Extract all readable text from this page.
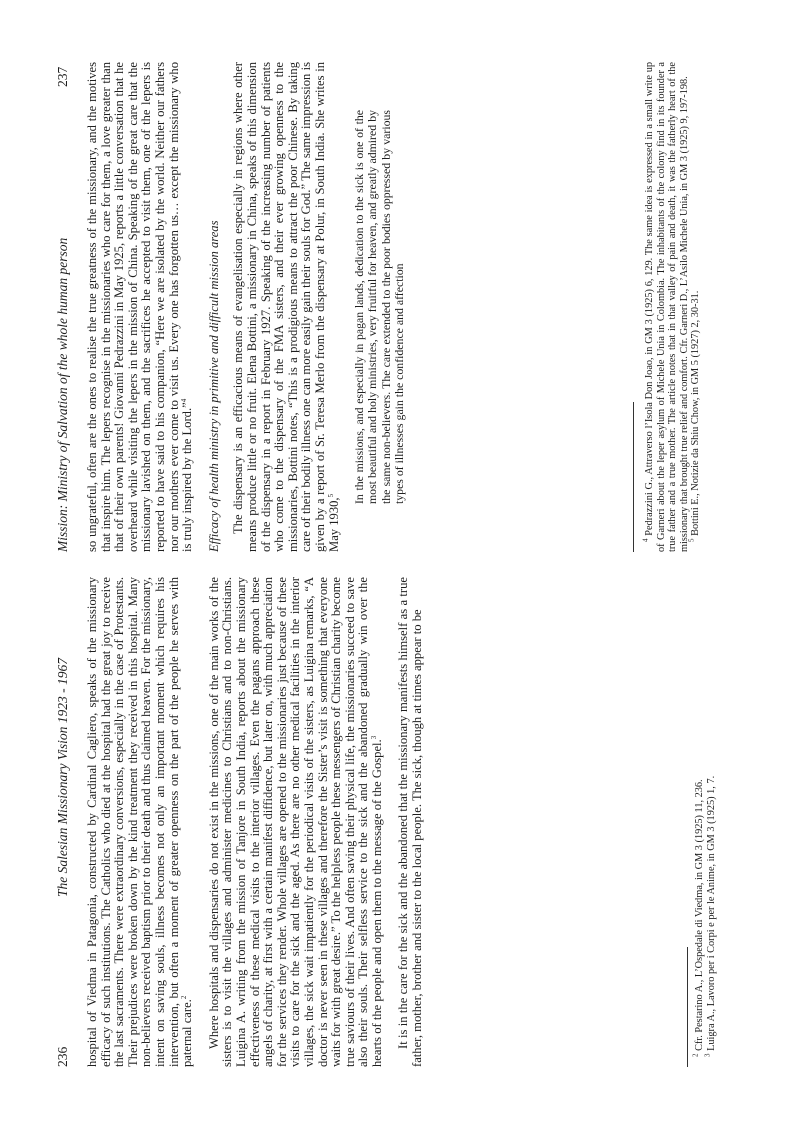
236
The Salesian Missionary Vision 1923 - 1967 hospital of Viedma in Patagonia, constructed by Cardinal Cagliero, speaks of the missionary efficacy of such institutions. The Catholics who died at the hospital had the great joy to receive the last sacraments. There were extraordinary conversions, especially in the case of Protestants. Their prejudices were broken down by the kind treatment they received in this hospital. Many non-believers received baptism prior to their death and thus claimed heaven. For the missionary, intent on saving souls, illness becomes not only an important moment which requires his intervention, but often a moment of greater openness on the part of the people he serves with paternal care.$^2$	Where hospitals and dispensaries do not exist in the missions, one of the main works of the sisters is to visit the villages and administer medicines to Christians and to non-Christians. Luigina A. writing from the mission of Tanjore in South India, reports about the missionary effectiveness of these medical visits to the interior villages. Even the pagans approach these angels of charity, at first with a certain manifest diffidence, but later on, with much appreciation for the services they render. Whole villages are opened to the missionaries just because of these visits to care for the sick and the aged. As there are no other medical facilities in the interior villages, the sick wait impatiently for the periodical visits of the sisters, as Luigina remarks, “A doctor is never seen in these villages and therefore the Sister’s visit is something that everyone waits for with great desire.” To the helpless people these messengers of Christian charity become true saviours of their lives. And often saving their physical life, the missionaries succeed to save also their souls. Their selfless service to the sick and the abandoned gradually win over the hearts of the people and open them to the message of the Gospel.$^3$	It is in the care for the sick and the abandoned that the missionary manifests himself as a true father, mother, brother and sister to the local people. The sick, though at times appear to be	$^2$ Cfr. Pestarino A., L’Ospedale di Viedma, in GM 3 (1925) 11, 236.
$^3$ Luigra A., Lavoro per i Corpi e per le Anime, in GM 3 (1925) 1, 7.
Mission: Ministry of Salvation of the whole human person
237 so ungrateful, often are the ones to realise the true greatness of the missionary, and the motives that inspire him. The lepers recognise in the missionaries who care for them, a love greater than that of their own parents! Giovanni Pedrazzini in May 1925, reports a little conversation that he overheard while visiting the lepers in the mission of China. Speaking of the great care that the missionary lavished on them, and the sacrifices he accepted to visit them, one of the lepers is reported to have said to his companion, “Here we are isolated by the world. Neither our fathers nor our mothers ever come to visit us. Every one has forgotten us… except the missionary who is truly inspired by the Lord.”$^4$	Efficacy of health ministry in primitive and difficult mission areas The dispensary is an efficacious means of evangelisation especially in regions where other means produce little or no fruit. Elena Bottini, a missionary in China, speaks of this dimension of the dispensary in a report in February 1927. Speaking of the increasing number of patients who come to the dispensary of the FMA sisters, and their ever growing openness to the missionaries, Bottini notes, “This is a prodigious means to attract the poor Chinese. By taking care of their bodily illness one can more easily gain their souls for God.” The same impression is given by a report of Sr. Teresa Merlo from the dispensary at Polur, in South India. She writes in May 1930,$^5$	In the missions, and especially in pagan lands, dedication to the sick is one of the most beautiful and holy ministries, very fruitful for heaven, and greatly admired by the same non-believers. The care extended to the poor bodies oppressed by various types of illnesses gain the confidence and affection

$^4$ Pedrazzini G., Attraverso l’Isola Don Joao, in GM 3 (1925) 6, 129. The same idea is expressed in a small write up of Garneri about the leper asylum of Michele Unia in Colombia. The inhabitants of the colony find in its founder a true father and a true mother. The article notes that in that valley of pain and death, it was the fatherly heart of the missionary that brought true relief and comfort. Cfr. Garneri D., L’Asilo Michele Unia, in GM 3 (1925) 9, 197-198.
$^5$ Bottini E., Notizie da Shiu Chow, in GM 5 (1927) 2, 30-31.
